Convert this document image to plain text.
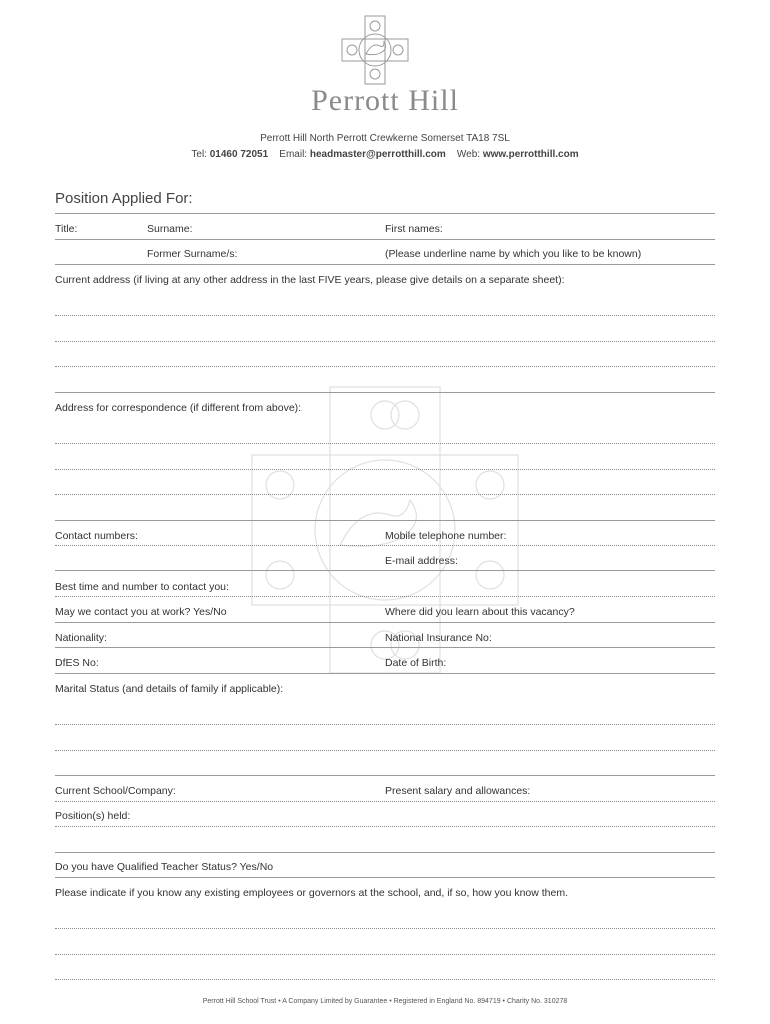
Perrott Hill
Perrott Hill North Perrott Crewkerne Somerset TA18 7SL
Tel: 01460 72051 Email: headmaster@perrotthill.com Web: www.perrotthill.com
Position Applied For:
Title:	Surname:	First names:
Former Surname/s:	(Please underline name by which you like to be known)
Current address (if living at any other address in the last FIVE years, please give details on a separate sheet):
Address for correspondence (if different from above):
Contact numbers:	Mobile telephone number:
E-mail address:
Best time and number to contact you:
May we contact you at work? Yes/No	Where did you learn about this vacancy?
Nationality:	National Insurance No:
DfES No:	Date of Birth:
Marital Status (and details of family if applicable):
Current School/Company:	Present salary and allowances:
Position(s) held:
Do you have Qualified Teacher Status? Yes/No
Please indicate if you know any existing employees or governors at the school, and, if so, how you know them.
Perrott Hill School Trust • A Company Limited by Guarantee • Registered in England No. 894719 • Charity No. 310278
